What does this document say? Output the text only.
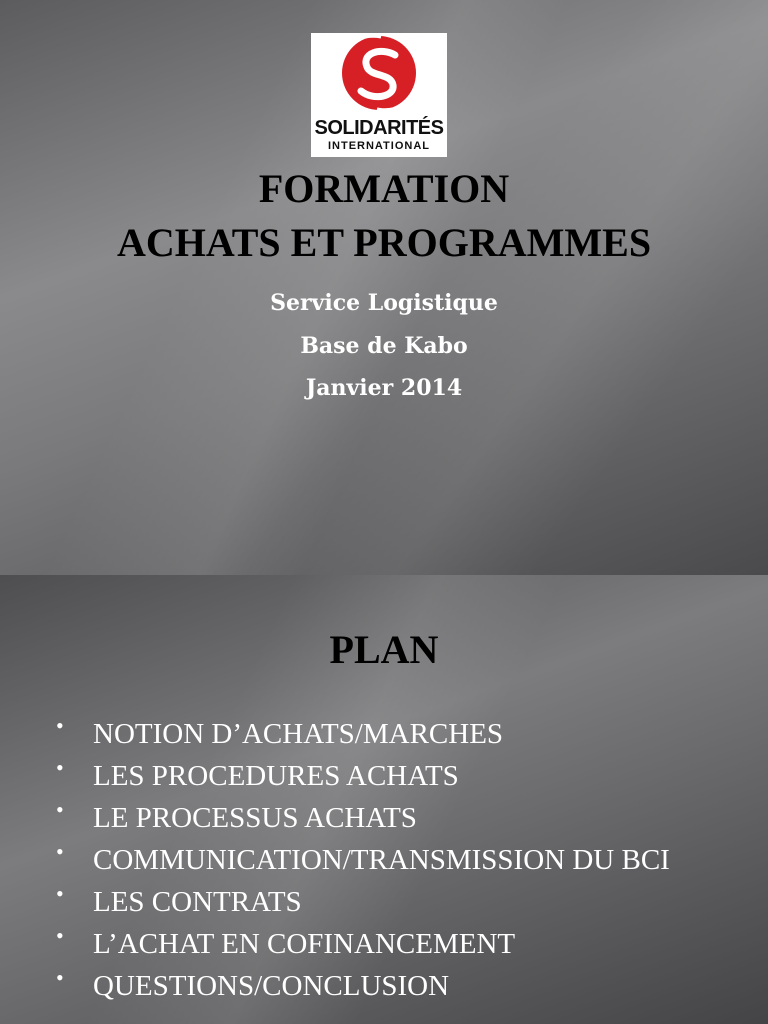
SOLIDARITÉS
INTERNATIONAL
FORMATION
ACHATS ET PROGRAMMES
Service Logistique
Base de Kabo
Janvier 2014
PLAN
• NOTION D’ACHATS/MARCHES
• LES PROCEDURES ACHATS
• LE PROCESSUS ACHATS
• COMMUNICATION/TRANSMISSION DU BCI
• LES CONTRATS
• L’ACHAT EN COFINANCEMENT
• QUESTIONS/CONCLUSION
